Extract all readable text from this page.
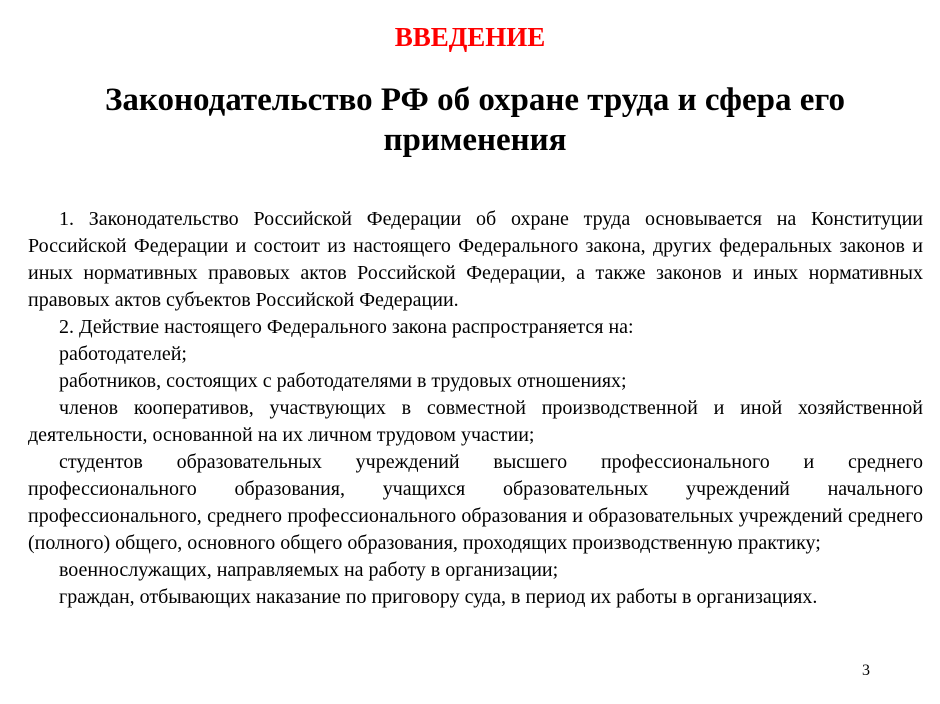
ВВЕДЕНИЕ
Законодательство РФ об охране труда и сфера его применения

1. Законодательство Российской Федерации об охране труда основывается на Конституции Российской Федерации и состоит из настоящего Федерального закона, других федеральных законов и иных нормативных правовых актов Российской Федерации, а также законов и иных нормативных правовых актов субъектов Российской Федерации.

2. Действие настоящего Федерального закона распространяется на:

работодателей;

работников, состоящих с работодателями в трудовых отношениях;

членов кооперативов, участвующих в совместной производственной и иной хозяйственной деятельности, основанной на их личном трудовом участии;

студентов образовательных учреждений высшего профессионального и среднего профессионального образования, учащихся образовательных учреждений начального профессионального, среднего профессионального образования и образовательных учреждений среднего (полного) общего, основного общего образования, проходящих производственную практику;

военнослужащих, направляемых на работу в организации;

граждан, отбывающих наказание по приговору суда, в период их работы в организациях.

3
